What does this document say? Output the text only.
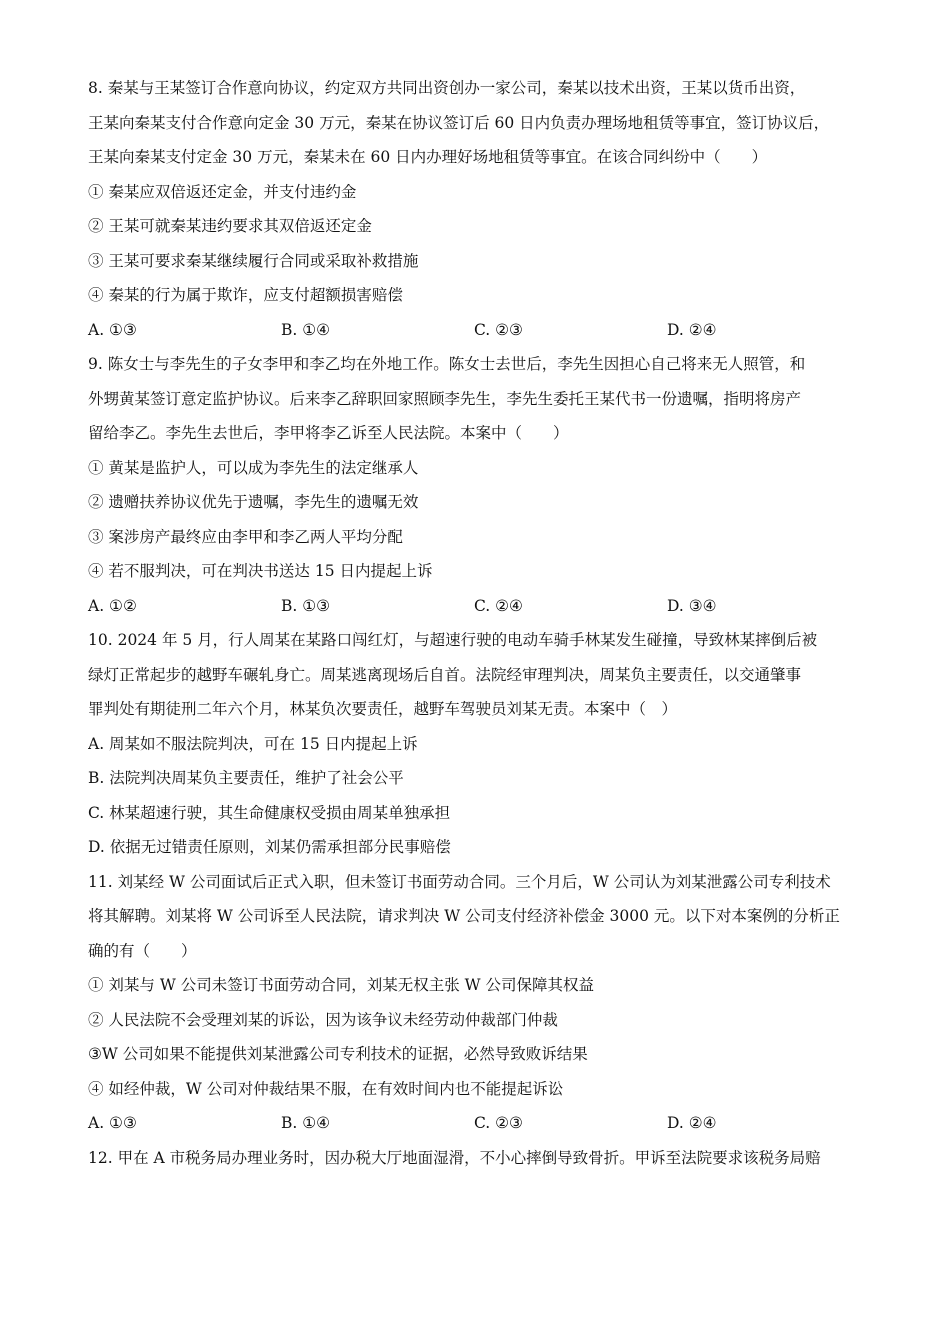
8. 秦某与王某签订合作意向协议，约定双方共同出资创办一家公司，秦某以技术出资，王某以货币出资，
王某向秦某支付合作意向定金 30 万元，秦某在协议签订后 60 日内负责办理场地租赁等事宜，签订协议后，
王某向秦某支付定金 30 万元，秦某未在 60 日内办理好场地租赁等事宜。在该合同纠纷中（　　）
① 秦某应双倍返还定金，并支付违约金
② 王某可就秦某违约要求其双倍返还定金
③ 王某可要求秦某继续履行合同或采取补救措施
④ 秦某的行为属于欺诈，应支付超额损害赔偿
A. ①③	B. ①④	C. ②③	D. ②④
9. 陈女士与李先生的子女李甲和李乙均在外地工作。陈女士去世后，李先生因担心自己将来无人照管，和
外甥黄某签订意定监护协议。后来李乙辞职回家照顾李先生，李先生委托王某代书一份遗嘱，指明将房产
留给李乙。李先生去世后，李甲将李乙诉至人民法院。本案中（　　）
① 黄某是监护人，可以成为李先生的法定继承人
② 遗赠扶养协议优先于遗嘱，李先生的遗嘱无效
③ 案涉房产最终应由李甲和李乙两人平均分配
④ 若不服判决，可在判决书送达 15 日内提起上诉
A. ①②	B. ①③	C. ②④	D. ③④
10. 2024 年 5 月，行人周某在某路口闯红灯，与超速行驶的电动车骑手林某发生碰撞，导致林某摔倒后被
绿灯正常起步的越野车碾轧身亡。周某逃离现场后自首。法院经审理判决，周某负主要责任，以交通肇事
罪判处有期徒刑二年六个月，林某负次要责任，越野车驾驶员刘某无责。本案中（　）
A. 周某如不服法院判决，可在 15 日内提起上诉
B. 法院判决周某负主要责任，维护了社会公平
C. 林某超速行驶，其生命健康权受损由周某单独承担
D. 依据无过错责任原则，刘某仍需承担部分民事赔偿
11. 刘某经 W 公司面试后正式入职，但未签订书面劳动合同。三个月后，W 公司认为刘某泄露公司专利技术
将其解聘。刘某将 W 公司诉至人民法院，请求判决 W 公司支付经济补偿金 3000 元。以下对本案例的分析正
确的有（　　）
① 刘某与 W 公司未签订书面劳动合同，刘某无权主张 W 公司保障其权益
② 人民法院不会受理刘某的诉讼，因为该争议未经劳动仲裁部门仲裁
③W 公司如果不能提供刘某泄露公司专利技术的证据，必然导致败诉结果
④ 如经仲裁，W 公司对仲裁结果不服，在有效时间内也不能提起诉讼
A. ①③	B. ①④	C. ②③	D. ②④
12. 甲在 A 市税务局办理业务时，因办税大厅地面湿滑，不小心摔倒导致骨折。甲诉至法院要求该税务局赔
